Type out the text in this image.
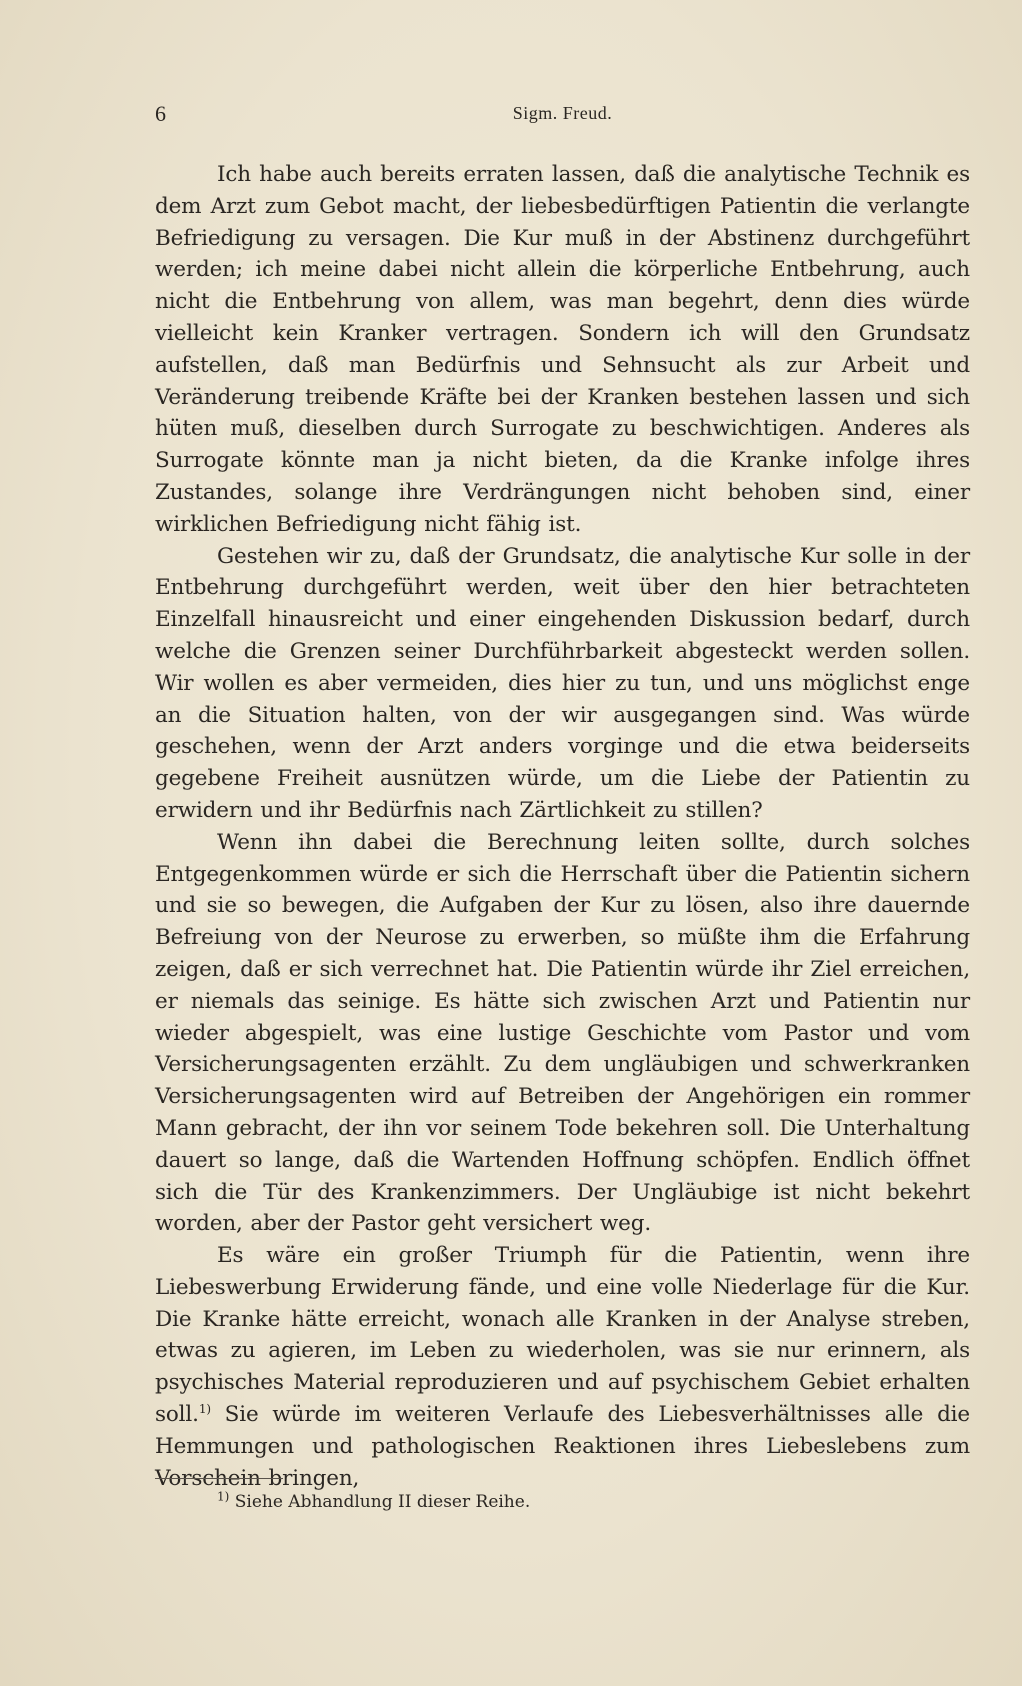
6	Sigm. Freud.

Ich habe auch bereits erraten lassen, daß die analytische Technik es dem Arzt zum Gebot macht, der liebesbedürftigen Patientin die verlangte Befriedigung zu versagen. Die Kur muß in der Abstinenz durchgeführt werden; ich meine dabei nicht allein die körperliche Entbehrung, auch nicht die Entbehrung von allem, was man begehrt, denn dies würde vielleicht kein Kranker vertragen. Sondern ich will den Grundsatz aufstellen, daß man Bedürfnis und Sehnsucht als zur Arbeit und Veränderung treibende Kräfte bei der Kranken bestehen lassen und sich hüten muß, dieselben durch Surrogate zu beschwichtigen. Anderes als Surrogate könnte man ja nicht bieten, da die Kranke infolge ihres Zustandes, solange ihre Verdrängungen nicht behoben sind, einer wirklichen Befriedigung nicht fähig ist.

Gestehen wir zu, daß der Grundsatz, die analytische Kur solle in der Entbehrung durchgeführt werden, weit über den hier betrachteten Einzelfall hinausreicht und einer eingehenden Diskussion bedarf, durch welche die Grenzen seiner Durchführbarkeit abgesteckt werden sollen. Wir wollen es aber vermeiden, dies hier zu tun, und uns möglichst enge an die Situation halten, von der wir ausgegangen sind. Was würde geschehen, wenn der Arzt anders vorginge und die etwa beiderseits gegebene Freiheit ausnützen würde, um die Liebe der Patientin zu erwidern und ihr Bedürfnis nach Zärtlichkeit zu stillen?

Wenn ihn dabei die Berechnung leiten sollte, durch solches Entgegenkommen würde er sich die Herrschaft über die Patientin sichern und sie so bewegen, die Aufgaben der Kur zu lösen, also ihre dauernde Befreiung von der Neurose zu erwerben, so müßte ihm die Erfahrung zeigen, daß er sich verrechnet hat. Die Patientin würde ihr Ziel erreichen, er niemals das seinige. Es hätte sich zwischen Arzt und Patientin nur wieder abgespielt, was eine lustige Geschichte vom Pastor und vom Versicherungsagenten erzählt. Zu dem ungläubigen und schwerkranken Versicherungsagenten wird auf Betreiben der Angehörigen ein rommer Mann gebracht, der ihn vor seinem Tode bekehren soll. Die Unterhaltung dauert so lange, daß die Wartenden Hoffnung schöpfen. Endlich öffnet sich die Tür des Krankenzimmers. Der Ungläubige ist nicht bekehrt worden, aber der Pastor geht versichert weg.

Es wäre ein großer Triumph für die Patientin, wenn ihre Liebeswerbung Erwiderung fände, und eine volle Niederlage für die Kur. Die Kranke hätte erreicht, wonach alle Kranken in der Analyse streben, etwas zu agieren, im Leben zu wiederholen, was sie nur erinnern, als psychisches Material reproduzieren und auf psychischem Gebiet erhalten soll.$^{1)}$ Sie würde im weiteren Verlaufe des Liebesverhältnisses alle die Hemmungen und pathologischen Reaktionen ihres Liebeslebens zum Vorschein bringen,

$^{1)}$ Siehe Abhandlung II dieser Reihe.
